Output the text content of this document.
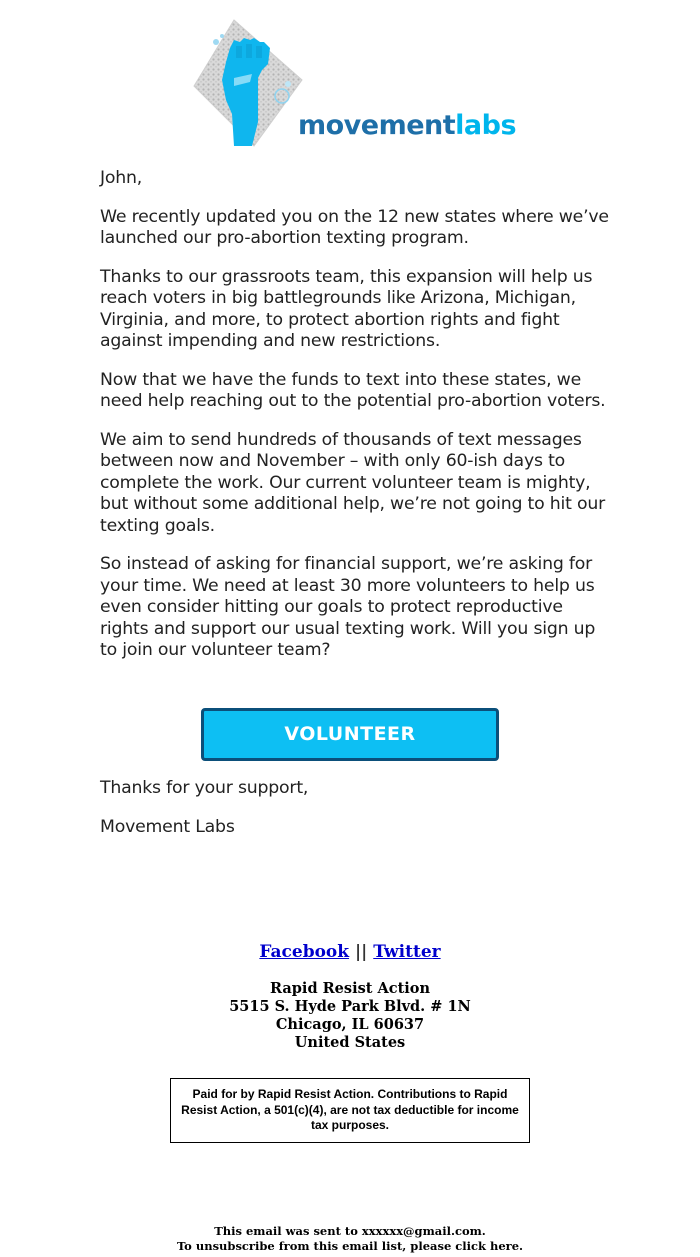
movementlabs

John,

We recently updated you on the 12 new states where we’ve launched our pro-abortion texting program.

Thanks to our grassroots team, this expansion will help us reach voters in big battlegrounds like Arizona, Michigan, Virginia, and more, to protect abortion rights and fight against impending and new restrictions.

Now that we have the funds to text into these states, we need help reaching out to the potential pro-abortion voters.

We aim to send hundreds of thousands of text messages between now and November – with only 60-ish days to complete the work. Our current volunteer team is mighty, but without some additional help, we’re not going to hit our texting goals.

So instead of asking for financial support, we’re asking for your time. We need at least 30 more volunteers to help us even consider hitting our goals to protect reproductive rights and support our usual texting work. Will you sign up to join our volunteer team?

VOLUNTEER

Thanks for your support,

Movement Labs

Facebook || Twitter
Rapid Resist Action
5515 S. Hyde Park Blvd. # 1N
Chicago, IL 60637
United States
Paid for by Rapid Resist Action. Contributions to Rapid Resist Action, a 501(c)(4), are not tax deductible for income tax purposes.
This email was sent to xxxxxx@gmail.com.
To unsubscribe from this email list, please click here.
